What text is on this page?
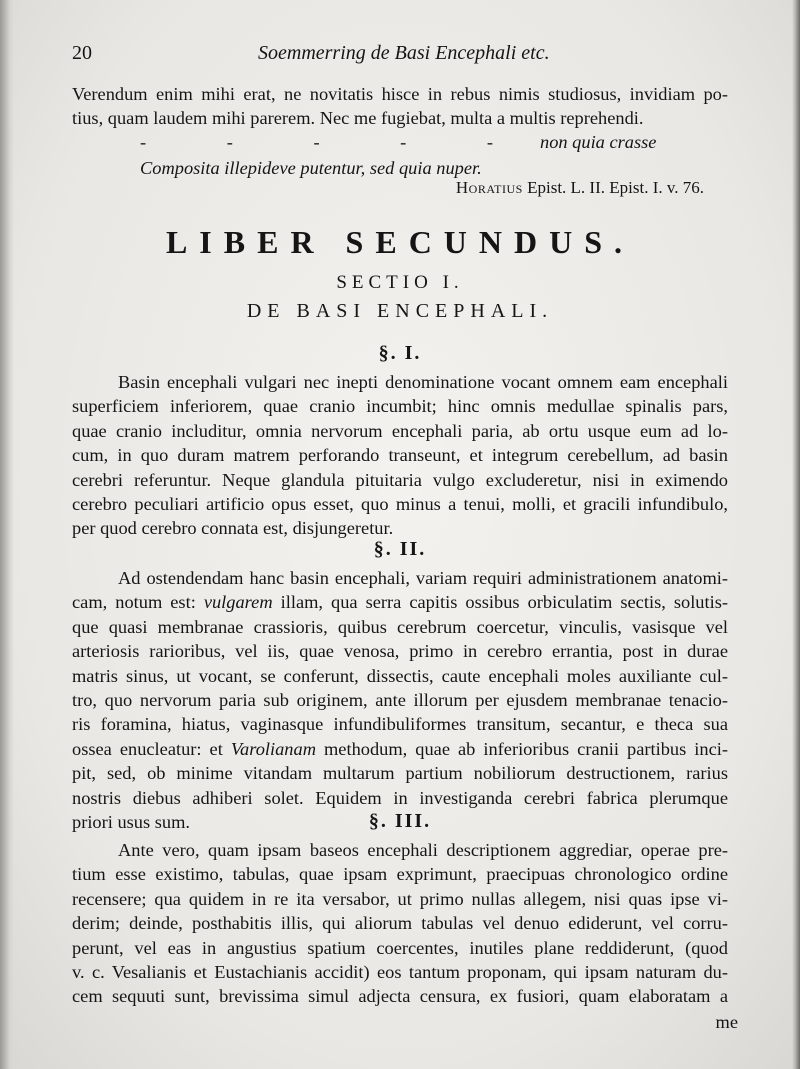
20	Soemmerring de Basi Encephali etc.

Verendum enim mihi erat, ne novitatis hisce in rebus nimis studiosus, invidiam po-

tius, quam laudem mihi parerem. Nec me fugiebat, multa a multis reprehendi.

- - - - - non quia crasse
Composita illepideve putentur, sed quia nuper.
Horatius Epist. L. II. Epist. I. v. 76.
LIBER SECUNDUS.
SECTIO I.
DE BASI ENCEPHALI.
§. I.

Basin encephali vulgari nec inepti denominatione vocant omnem eam encephali

superficiem inferiorem, quae cranio incumbit; hinc omnis medullae spinalis pars,

quae cranio includitur, omnia nervorum encephali paria, ab ortu usque eum ad lo-

cum, in quo duram matrem perforando transeunt, et integrum cerebellum, ad basin

cerebri referuntur. Neque glandula pituitaria vulgo excluderetur, nisi in eximendo

cerebro peculiari artificio opus esset, quo minus a tenui, molli, et gracili infundibulo,

per quod cerebro connata est, disjungeretur.

§. II.

Ad ostendendam hanc basin encephali, variam requiri administrationem anatomi-

cam, notum est: vulgarem illam, qua serra capitis ossibus orbiculatim sectis, solutis-

que quasi membranae crassioris, quibus cerebrum coercetur, vinculis, vasisque vel

arteriosis rarioribus, vel iis, quae venosa, primo in cerebro errantia, post in durae

matris sinus, ut vocant, se conferunt, dissectis, caute encephali moles auxiliante cul-

tro, quo nervorum paria sub originem, ante illorum per ejusdem membranae tenacio-

ris foramina, hiatus, vaginasque infundibuliformes transitum, secantur, e theca sua

ossea enucleatur: et Varolianam methodum, quae ab inferioribus cranii partibus inci-

pit, sed, ob minime vitandam multarum partium nobiliorum destructionem, rarius

nostris diebus adhiberi solet. Equidem in investiganda cerebri fabrica plerumque

priori usus sum.	§. III.

Ante vero, quam ipsam baseos encephali descriptionem aggrediar, operae pre-

tium esse existimo, tabulas, quae ipsam exprimunt, praecipuas chronologico ordine

recensere; qua quidem in re ita versabor, ut primo nullas allegem, nisi quas ipse vi-

derim; deinde, posthabitis illis, qui aliorum tabulas vel denuo ediderunt, vel corru-

perunt, vel eas in angustius spatium coercentes, inutiles plane reddiderunt, (quod

v. c. Vesalianis et Eustachianis accidit) eos tantum proponam, qui ipsam naturam du-

cem sequuti sunt, brevissima simul adjecta censura, ex fusiori, quam elaboratam a

me
